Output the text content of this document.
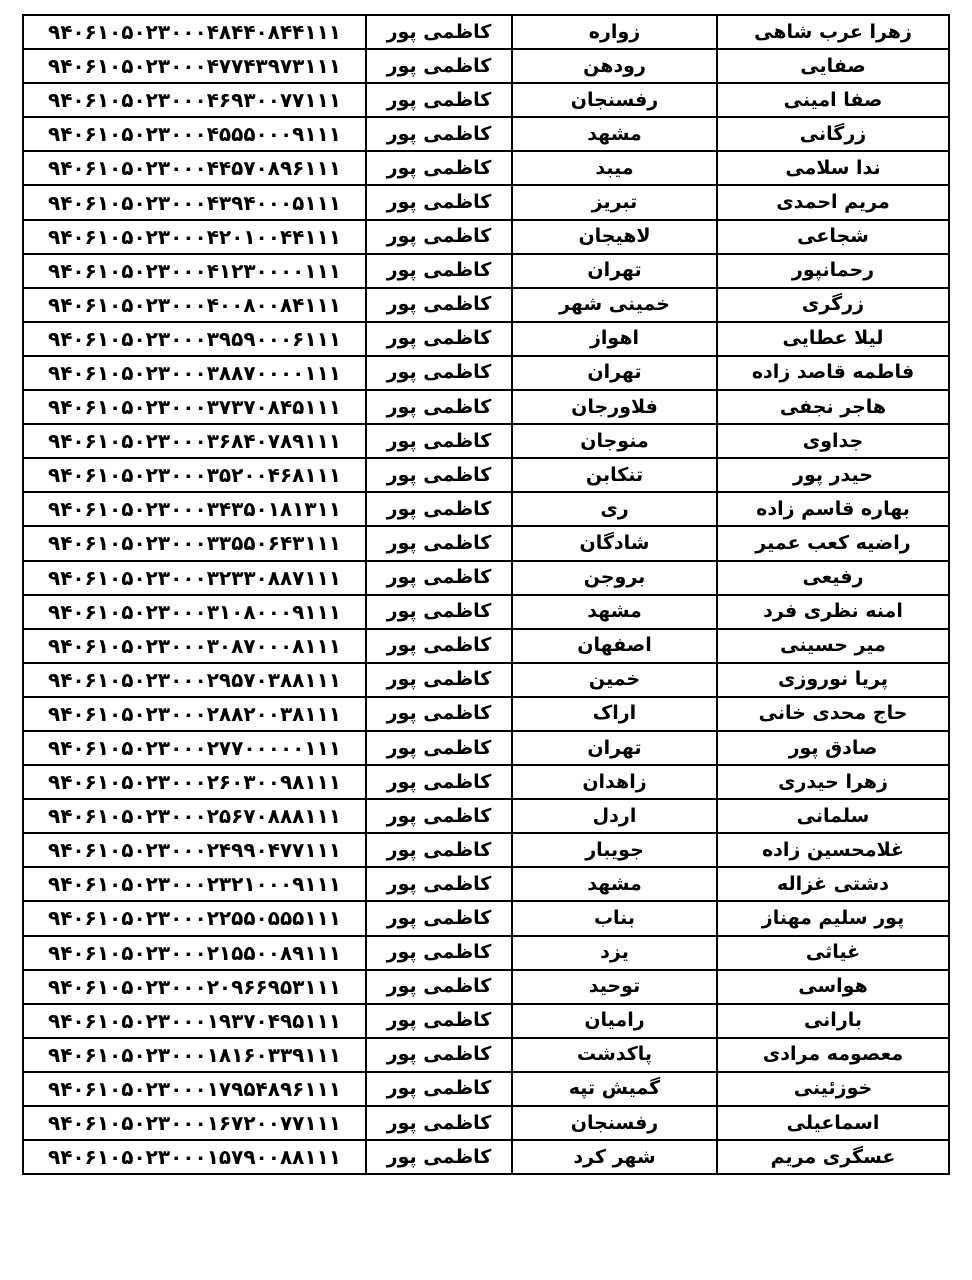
زهرا عرب شاهی	زواره	کاظمی پور	۹۴۰۶۱۰۵۰۲۳۰۰۰۴۸۴۴۰۸۴۴۱۱۱
صفایی	رودهن	کاظمی پور	۹۴۰۶۱۰۵۰۲۳۰۰۰۴۷۷۴۳۹۷۳۱۱۱
صفا امینی	رفسنجان	کاظمی پور	۹۴۰۶۱۰۵۰۲۳۰۰۰۴۶۹۳۰۰۷۷۱۱۱
زرگانی	مشهد	کاظمی پور	۹۴۰۶۱۰۵۰۲۳۰۰۰۴۵۵۵۰۰۰۹۱۱۱
ندا سلامی	میبد	کاظمی پور	۹۴۰۶۱۰۵۰۲۳۰۰۰۴۴۵۷۰۸۹۶۱۱۱
مریم احمدی	تبریز	کاظمی پور	۹۴۰۶۱۰۵۰۲۳۰۰۰۴۳۹۴۰۰۰۵۱۱۱
شجاعی	لاهیجان	کاظمی پور	۹۴۰۶۱۰۵۰۲۳۰۰۰۴۲۰۱۰۰۴۴۱۱۱
رحمانپور	تهران	کاظمی پور	۹۴۰۶۱۰۵۰۲۳۰۰۰۴۱۲۳۰۰۰۰۱۱۱
زرگری	خمینی شهر	کاظمی پور	۹۴۰۶۱۰۵۰۲۳۰۰۰۴۰۰۸۰۰۸۴۱۱۱
لیلا عطایی	اهواز	کاظمی پور	۹۴۰۶۱۰۵۰۲۳۰۰۰۳۹۵۹۰۰۰۶۱۱۱
فاطمه قاصد زاده	تهران	کاظمی پور	۹۴۰۶۱۰۵۰۲۳۰۰۰۳۸۸۷۰۰۰۰۱۱۱
هاجر نجفی	فلاورجان	کاظمی پور	۹۴۰۶۱۰۵۰۲۳۰۰۰۳۷۳۷۰۸۴۵۱۱۱
جداوی	منوجان	کاظمی پور	۹۴۰۶۱۰۵۰۲۳۰۰۰۳۶۸۴۰۷۸۹۱۱۱
حیدر پور	تنکابن	کاظمی پور	۹۴۰۶۱۰۵۰۲۳۰۰۰۳۵۲۰۰۴۶۸۱۱۱
بهاره قاسم زاده	ری	کاظمی پور	۹۴۰۶۱۰۵۰۲۳۰۰۰۳۴۳۵۰۱۸۱۳۱۱
راضیه کعب عمیر	شادگان	کاظمی پور	۹۴۰۶۱۰۵۰۲۳۰۰۰۳۳۵۵۰۶۴۳۱۱۱
رفیعی	بروجن	کاظمی پور	۹۴۰۶۱۰۵۰۲۳۰۰۰۳۲۳۳۰۸۸۷۱۱۱
امنه نظری فرد	مشهد	کاظمی پور	۹۴۰۶۱۰۵۰۲۳۰۰۰۳۱۰۸۰۰۰۹۱۱۱
میر حسینی	اصفهان	کاظمی پور	۹۴۰۶۱۰۵۰۲۳۰۰۰۳۰۸۷۰۰۰۸۱۱۱
پریا نوروزی	خمین	کاظمی پور	۹۴۰۶۱۰۵۰۲۳۰۰۰۲۹۵۷۰۳۸۸۱۱۱
حاج محدی خانی	اراک	کاظمی پور	۹۴۰۶۱۰۵۰۲۳۰۰۰۲۸۸۲۰۰۳۸۱۱۱
صادق پور	تهران	کاظمی پور	۹۴۰۶۱۰۵۰۲۳۰۰۰۲۷۷۰۰۰۰۰۱۱۱
زهرا حیدری	زاهدان	کاظمی پور	۹۴۰۶۱۰۵۰۲۳۰۰۰۲۶۰۳۰۰۹۸۱۱۱
سلمانی	اردل	کاظمی پور	۹۴۰۶۱۰۵۰۲۳۰۰۰۲۵۶۷۰۸۸۸۱۱۱
غلامحسین زاده	جویبار	کاظمی پور	۹۴۰۶۱۰۵۰۲۳۰۰۰۲۴۹۹۰۴۷۷۱۱۱
دشتی غزاله	مشهد	کاظمی پور	۹۴۰۶۱۰۵۰۲۳۰۰۰۲۳۲۱۰۰۰۹۱۱۱
پور سلیم مهناز	بناب	کاظمی پور	۹۴۰۶۱۰۵۰۲۳۰۰۰۲۲۵۵۰۵۵۵۱۱۱
غیاثی	یزد	کاظمی پور	۹۴۰۶۱۰۵۰۲۳۰۰۰۲۱۵۵۰۰۸۹۱۱۱
هواسی	توحید	کاظمی پور	۹۴۰۶۱۰۵۰۲۳۰۰۰۲۰۹۶۶۹۵۳۱۱۱
بارانی	رامیان	کاظمی پور	۹۴۰۶۱۰۵۰۲۳۰۰۰۱۹۳۷۰۴۹۵۱۱۱
معصومه مرادی	پاکدشت	کاظمی پور	۹۴۰۶۱۰۵۰۲۳۰۰۰۱۸۱۶۰۳۳۹۱۱۱
خوزئینی	گمیش تپه	کاظمی پور	۹۴۰۶۱۰۵۰۲۳۰۰۰۱۷۹۵۴۸۹۶۱۱۱
اسماعیلی	رفسنجان	کاظمی پور	۹۴۰۶۱۰۵۰۲۳۰۰۰۱۶۷۲۰۰۷۷۱۱۱
عسگری مریم	شهر کرد	کاظمی پور	۹۴۰۶۱۰۵۰۲۳۰۰۰۱۵۷۹۰۰۸۸۱۱۱
